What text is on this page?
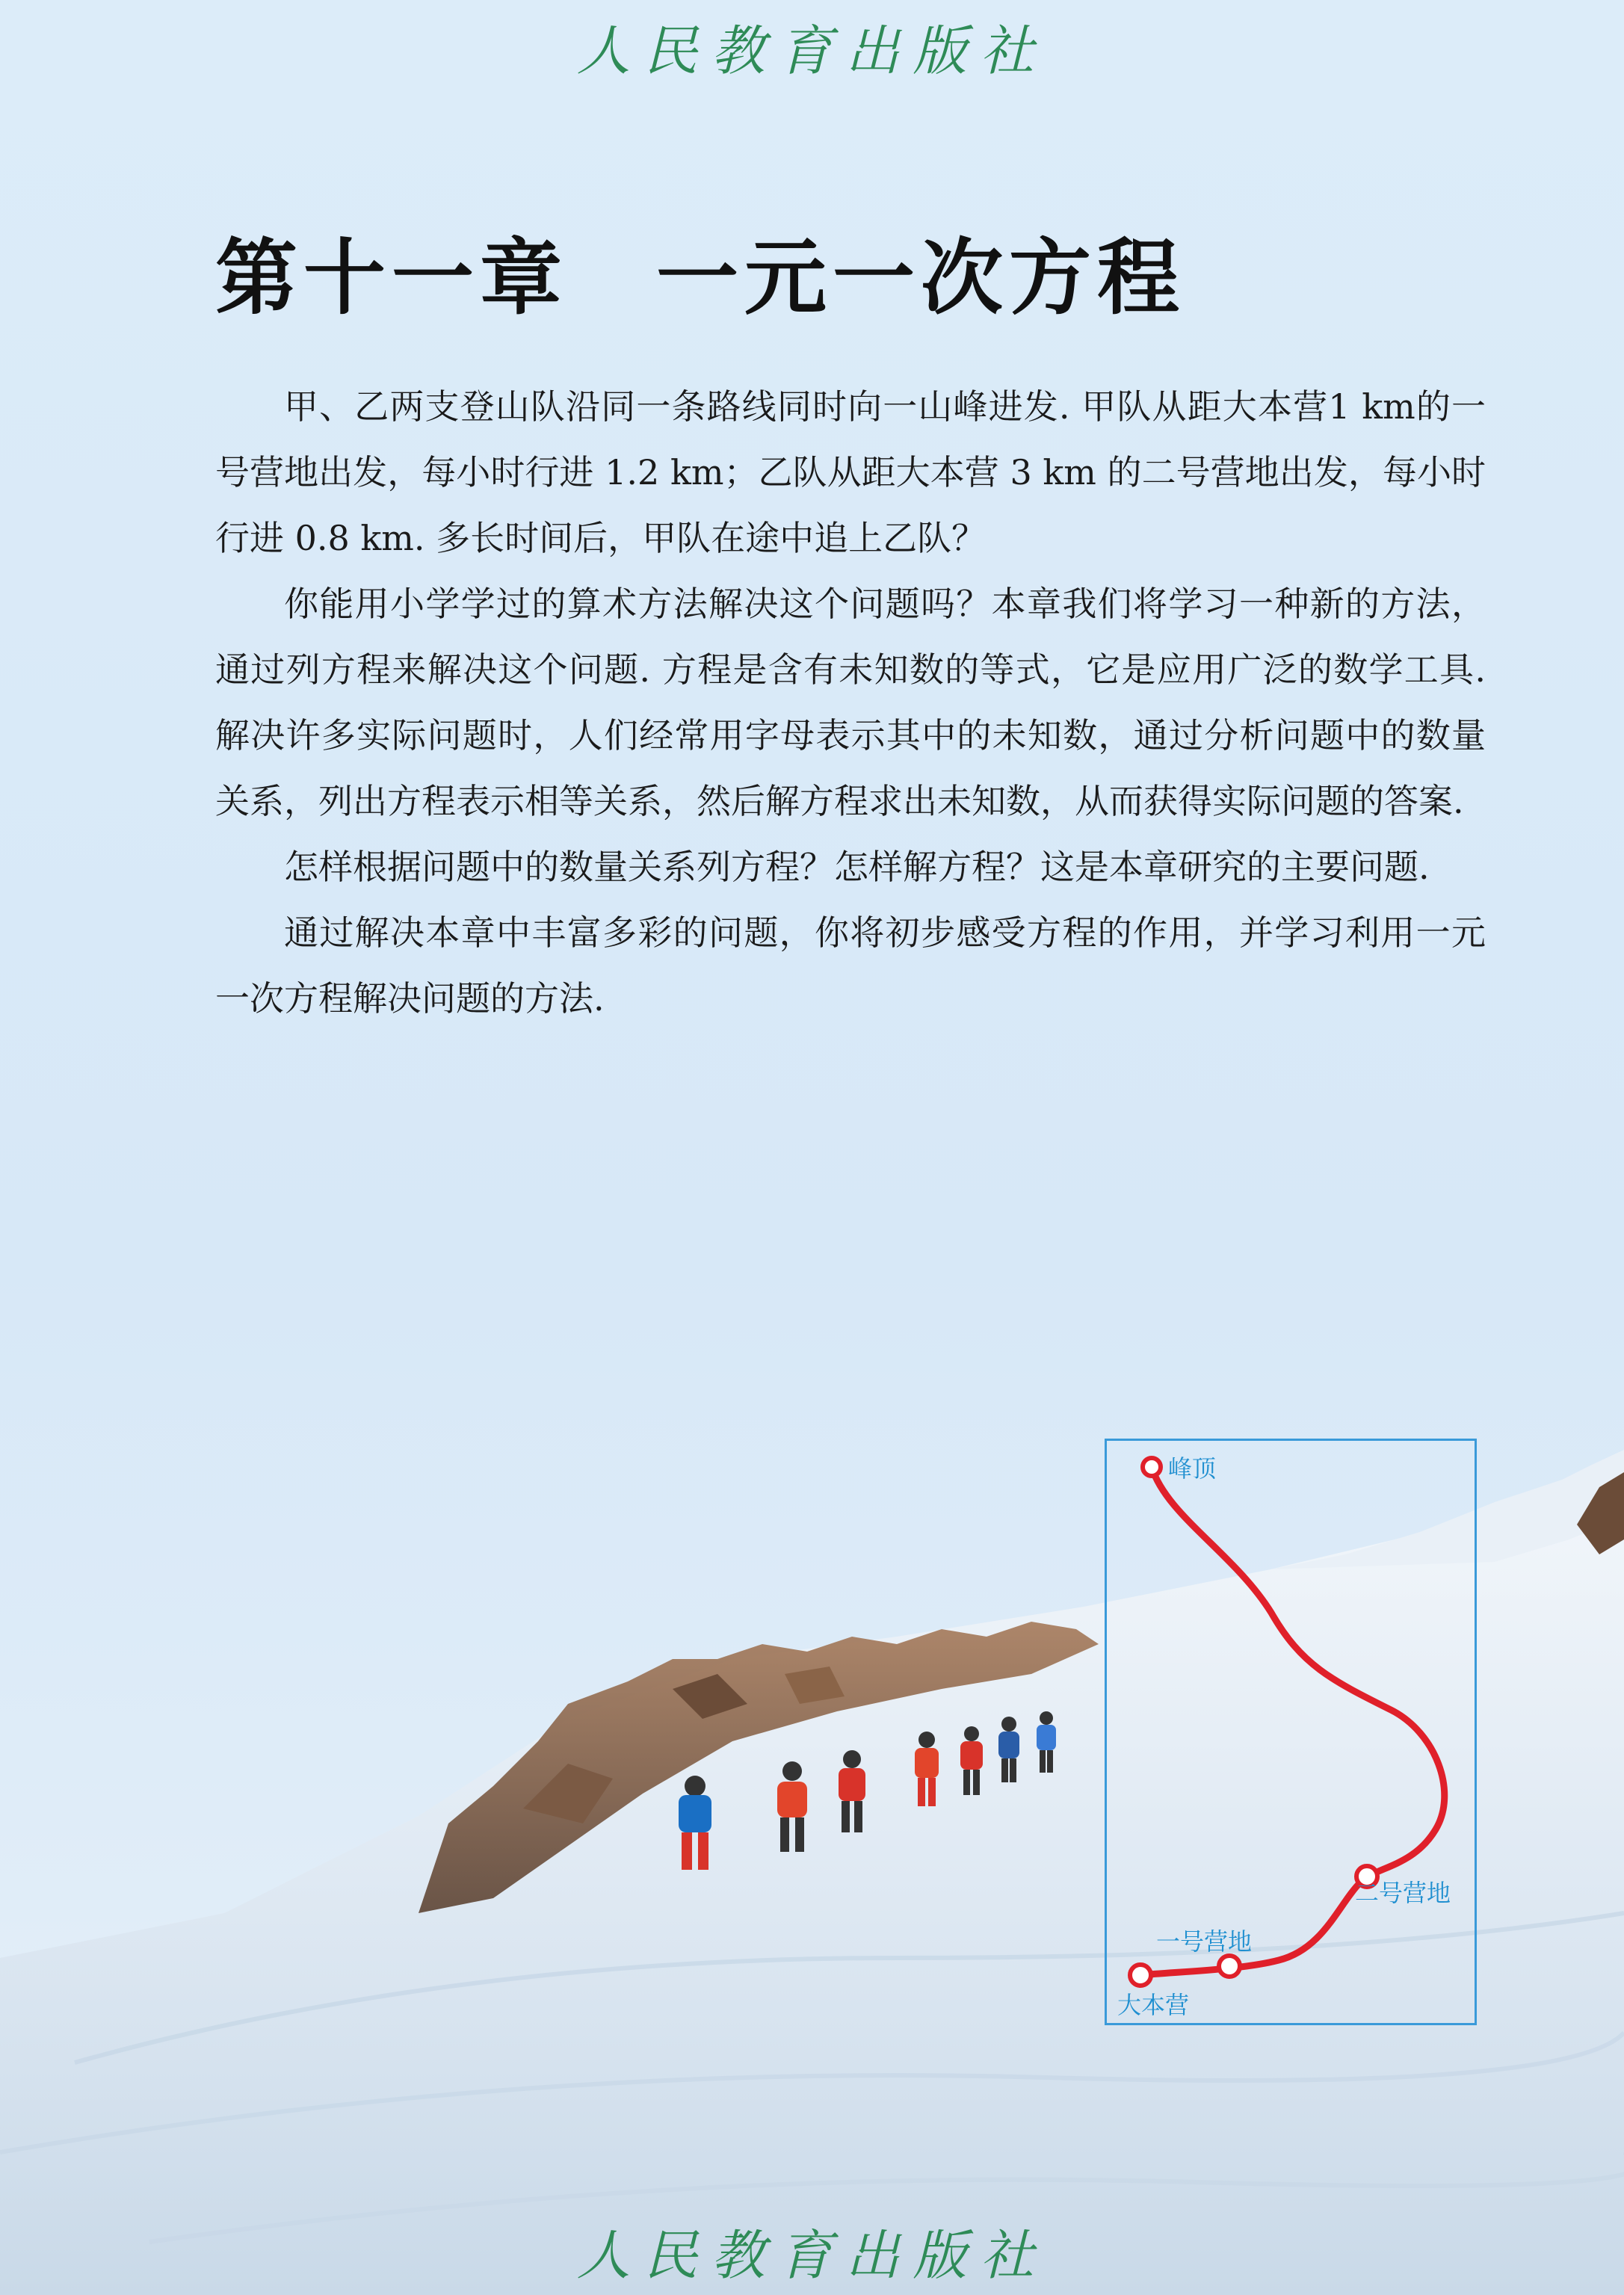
人民教育出版社
第十一章　一元一次方程

甲、乙两支登山队沿同一条路线同时向一山峰进发. 甲队从距大本营1 km的一号营地出发，每小时行进 1.2 km；乙队从距大本营 3 km 的二号营地出发，每小时行进 0.8 km. 多长时间后，甲队在途中追上乙队？

你能用小学学过的算术方法解决这个问题吗？本章我们将学习一种新的方法，通过列方程来解决这个问题. 方程是含有未知数的等式，它是应用广泛的数学工具. 解决许多实际问题时，人们经常用字母表示其中的未知数，通过分析问题中的数量关系，列出方程表示相等关系，然后解方程求出未知数，从而获得实际问题的答案.

怎样根据问题中的数量关系列方程？怎样解方程？这是本章研究的主要问题.

通过解决本章中丰富多彩的问题，你将初步感受方程的作用，并学习利用一元一次方程解决问题的方法.

峰顶
二号营地
一号营地
大本营
人民教育出版社
